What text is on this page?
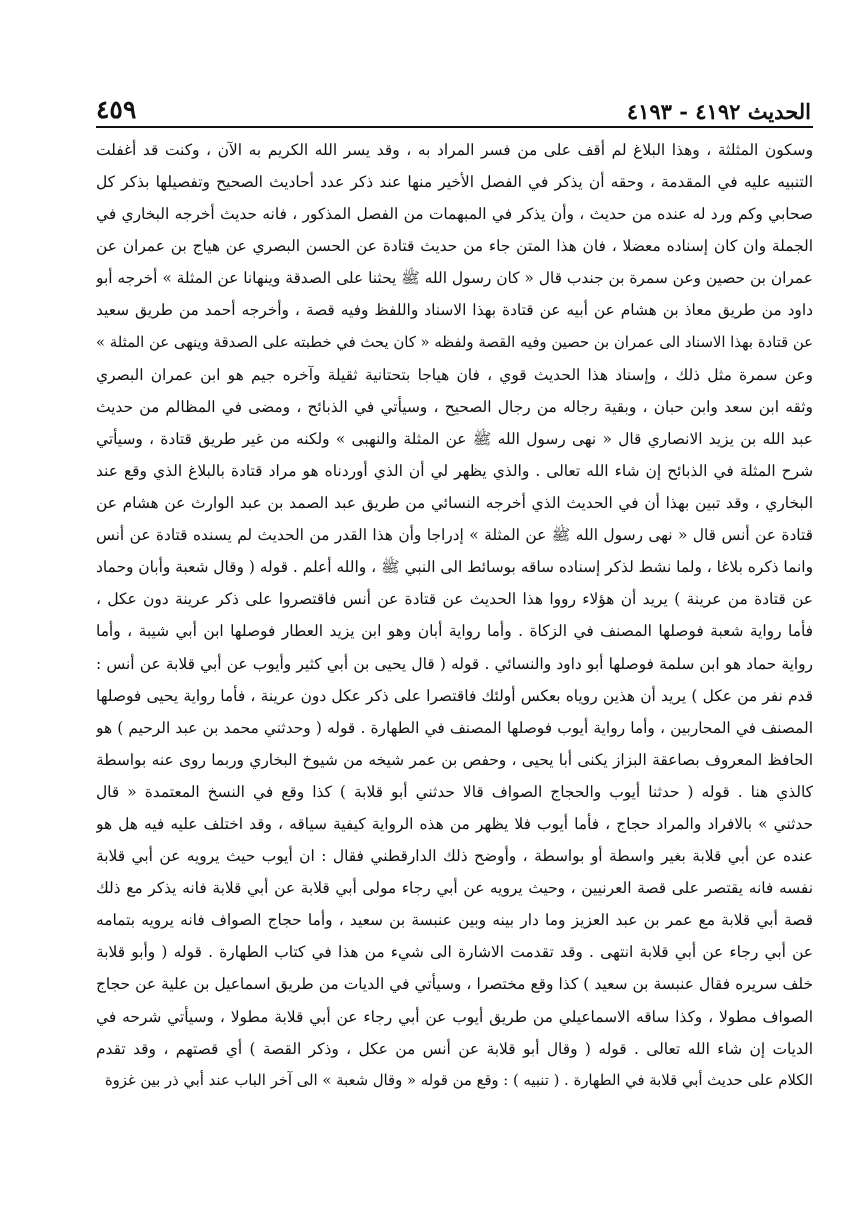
الحديث ٤١٩٢ - ٤١٩٣
٤٥٩
وسكون المثلثة ، وهذا البلاغ لم أقف على من فسر المراد به ، وقد يسر الله الكريم به الآن ، وكنت قد أغفلت
التنبيه عليه في المقدمة ، وحقه أن يذكر في الفصل الأخير منها عند ذكر عدد أحاديث الصحيح وتفصيلها بذكر كل
صحابي وكم ورد له عنده من حديث ، وأن يذكر في المبهمات من الفصل المذكور ، فانه حديث أخرجه البخاري في
الجملة وان كان إسناده معضلا ، فان هذا المتن جاء من حديث قتادة عن الحسن البصري عن هياج بن عمران عن
عمران بن حصين وعن سمرة بن جندب قال « كان رسول الله ﷺ يحثنا على الصدقة وينهانا عن المثلة » أخرجه أبو
داود من طريق معاذ بن هشام عن أبيه عن قتادة بهذا الاسناد واللفظ وفيه قصة ، وأخرجه أحمد من طريق سعيد
عن قتادة بهذا الاسناد الى عمران بن حصين وفيه القصة ولفظه « كان يحث في خطبته على الصدقة وينهى عن المثلة »
وعن سمرة مثل ذلك ، وإسناد هذا الحديث قوي ، فان هياجا بتحتانية ثقيلة وآخره جيم هو ابن عمران البصري
وثقه ابن سعد وابن حبان ، وبقية رجاله من رجال الصحيح ، وسيأتي في الذبائح ، ومضى في المظالم من حديث
عبد الله بن يزيد الانصاري قال « نهى رسول الله ﷺ عن المثلة والنهبى » ولكنه من غير طريق قتادة ، وسيأتي
شرح المثلة في الذبائح إن شاء الله تعالى . والذي يظهر لي أن الذي أوردناه هو مراد قتادة بالبلاغ الذي وقع عند
البخاري ، وقد تبين بهذا أن في الحديث الذي أخرجه النسائي من طريق عبد الصمد بن عبد الوارث عن هشام عن
قتادة عن أنس قال « نهى رسول الله ﷺ عن المثلة » إدراجا وأن هذا القدر من الحديث لم يسنده قتادة عن أنس
وانما ذكره بلاغا ، ولما نشط لذكر إسناده ساقه بوسائط الى النبي ﷺ ، والله أعلم . قوله ( وقال شعبة وأبان وحماد
عن قتادة من عرينة ) يريد أن هؤلاء رووا هذا الحديث عن قتادة عن أنس فاقتصروا على ذكر عرينة دون عكل ،
فأما رواية شعبة فوصلها المصنف في الزكاة . وأما رواية أبان وهو ابن يزيد العطار فوصلها ابن أبي شيبة ، وأما
رواية حماد هو ابن سلمة فوصلها أبو داود والنسائي . قوله ( قال يحيى بن أبي كثير وأيوب عن أبي قلابة عن أنس :
قدم نفر من عكل ) يريد أن هذين روياه بعكس أولئك فاقتصرا على ذكر عكل دون عرينة ، فأما رواية يحيى فوصلها
المصنف في المحاربين ، وأما رواية أيوب فوصلها المصنف في الطهارة . قوله ( وحدثني محمد بن عبد الرحيم ) هو
الحافظ المعروف بصاعقة البزاز يكنى أبا يحيى ، وحفص بن عمر شيخه من شيوخ البخاري وربما روى عنه بواسطة
كالذي هنا . قوله ( حدثنا أيوب والحجاج الصواف قالا حدثني أبو قلابة ) كذا وقع في النسخ المعتمدة « قال
حدثني » بالافراد والمراد حجاج ، فأما أيوب فلا يظهر من هذه الرواية كيفية سياقه ، وقد اختلف عليه فيه هل هو
عنده عن أبي قلابة بغير واسطة أو بواسطة ، وأوضح ذلك الدارقطني فقال : ان أيوب حيث يرويه عن أبي قلابة
نفسه فانه يقتصر على قصة العرنيين ، وحيث يرويه عن أبي رجاء مولى أبي قلابة عن أبي قلابة فانه يذكر مع ذلك
قصة أبي قلابة مع عمر بن عبد العزيز وما دار بينه وبين عنبسة بن سعيد ، وأما حجاج الصواف فانه يرويه بتمامه
عن أبي رجاء عن أبي قلابة انتهى . وقد تقدمت الاشارة الى شيء من هذا في كتاب الطهارة . قوله ( وأبو قلابة
خلف سريره فقال عنبسة بن سعيد ) كذا وقع مختصرا ، وسيأتي في الديات من طريق اسماعيل بن علية عن حجاج
الصواف مطولا ، وكذا ساقه الاسماعيلي من طريق أيوب عن أبي رجاء عن أبي قلابة مطولا ، وسيأتي شرحه في
الديات إن شاء الله تعالى . قوله ( وقال أبو قلابة عن أنس من عكل ، وذكر القصة ) أي قصتهم ، وقد تقدم
الكلام على حديث أبي قلابة في الطهارة . ( تنبيه ) : وقع من قوله « وقال شعبة » الى آخر الباب عند أبي ذر بين غزوة
